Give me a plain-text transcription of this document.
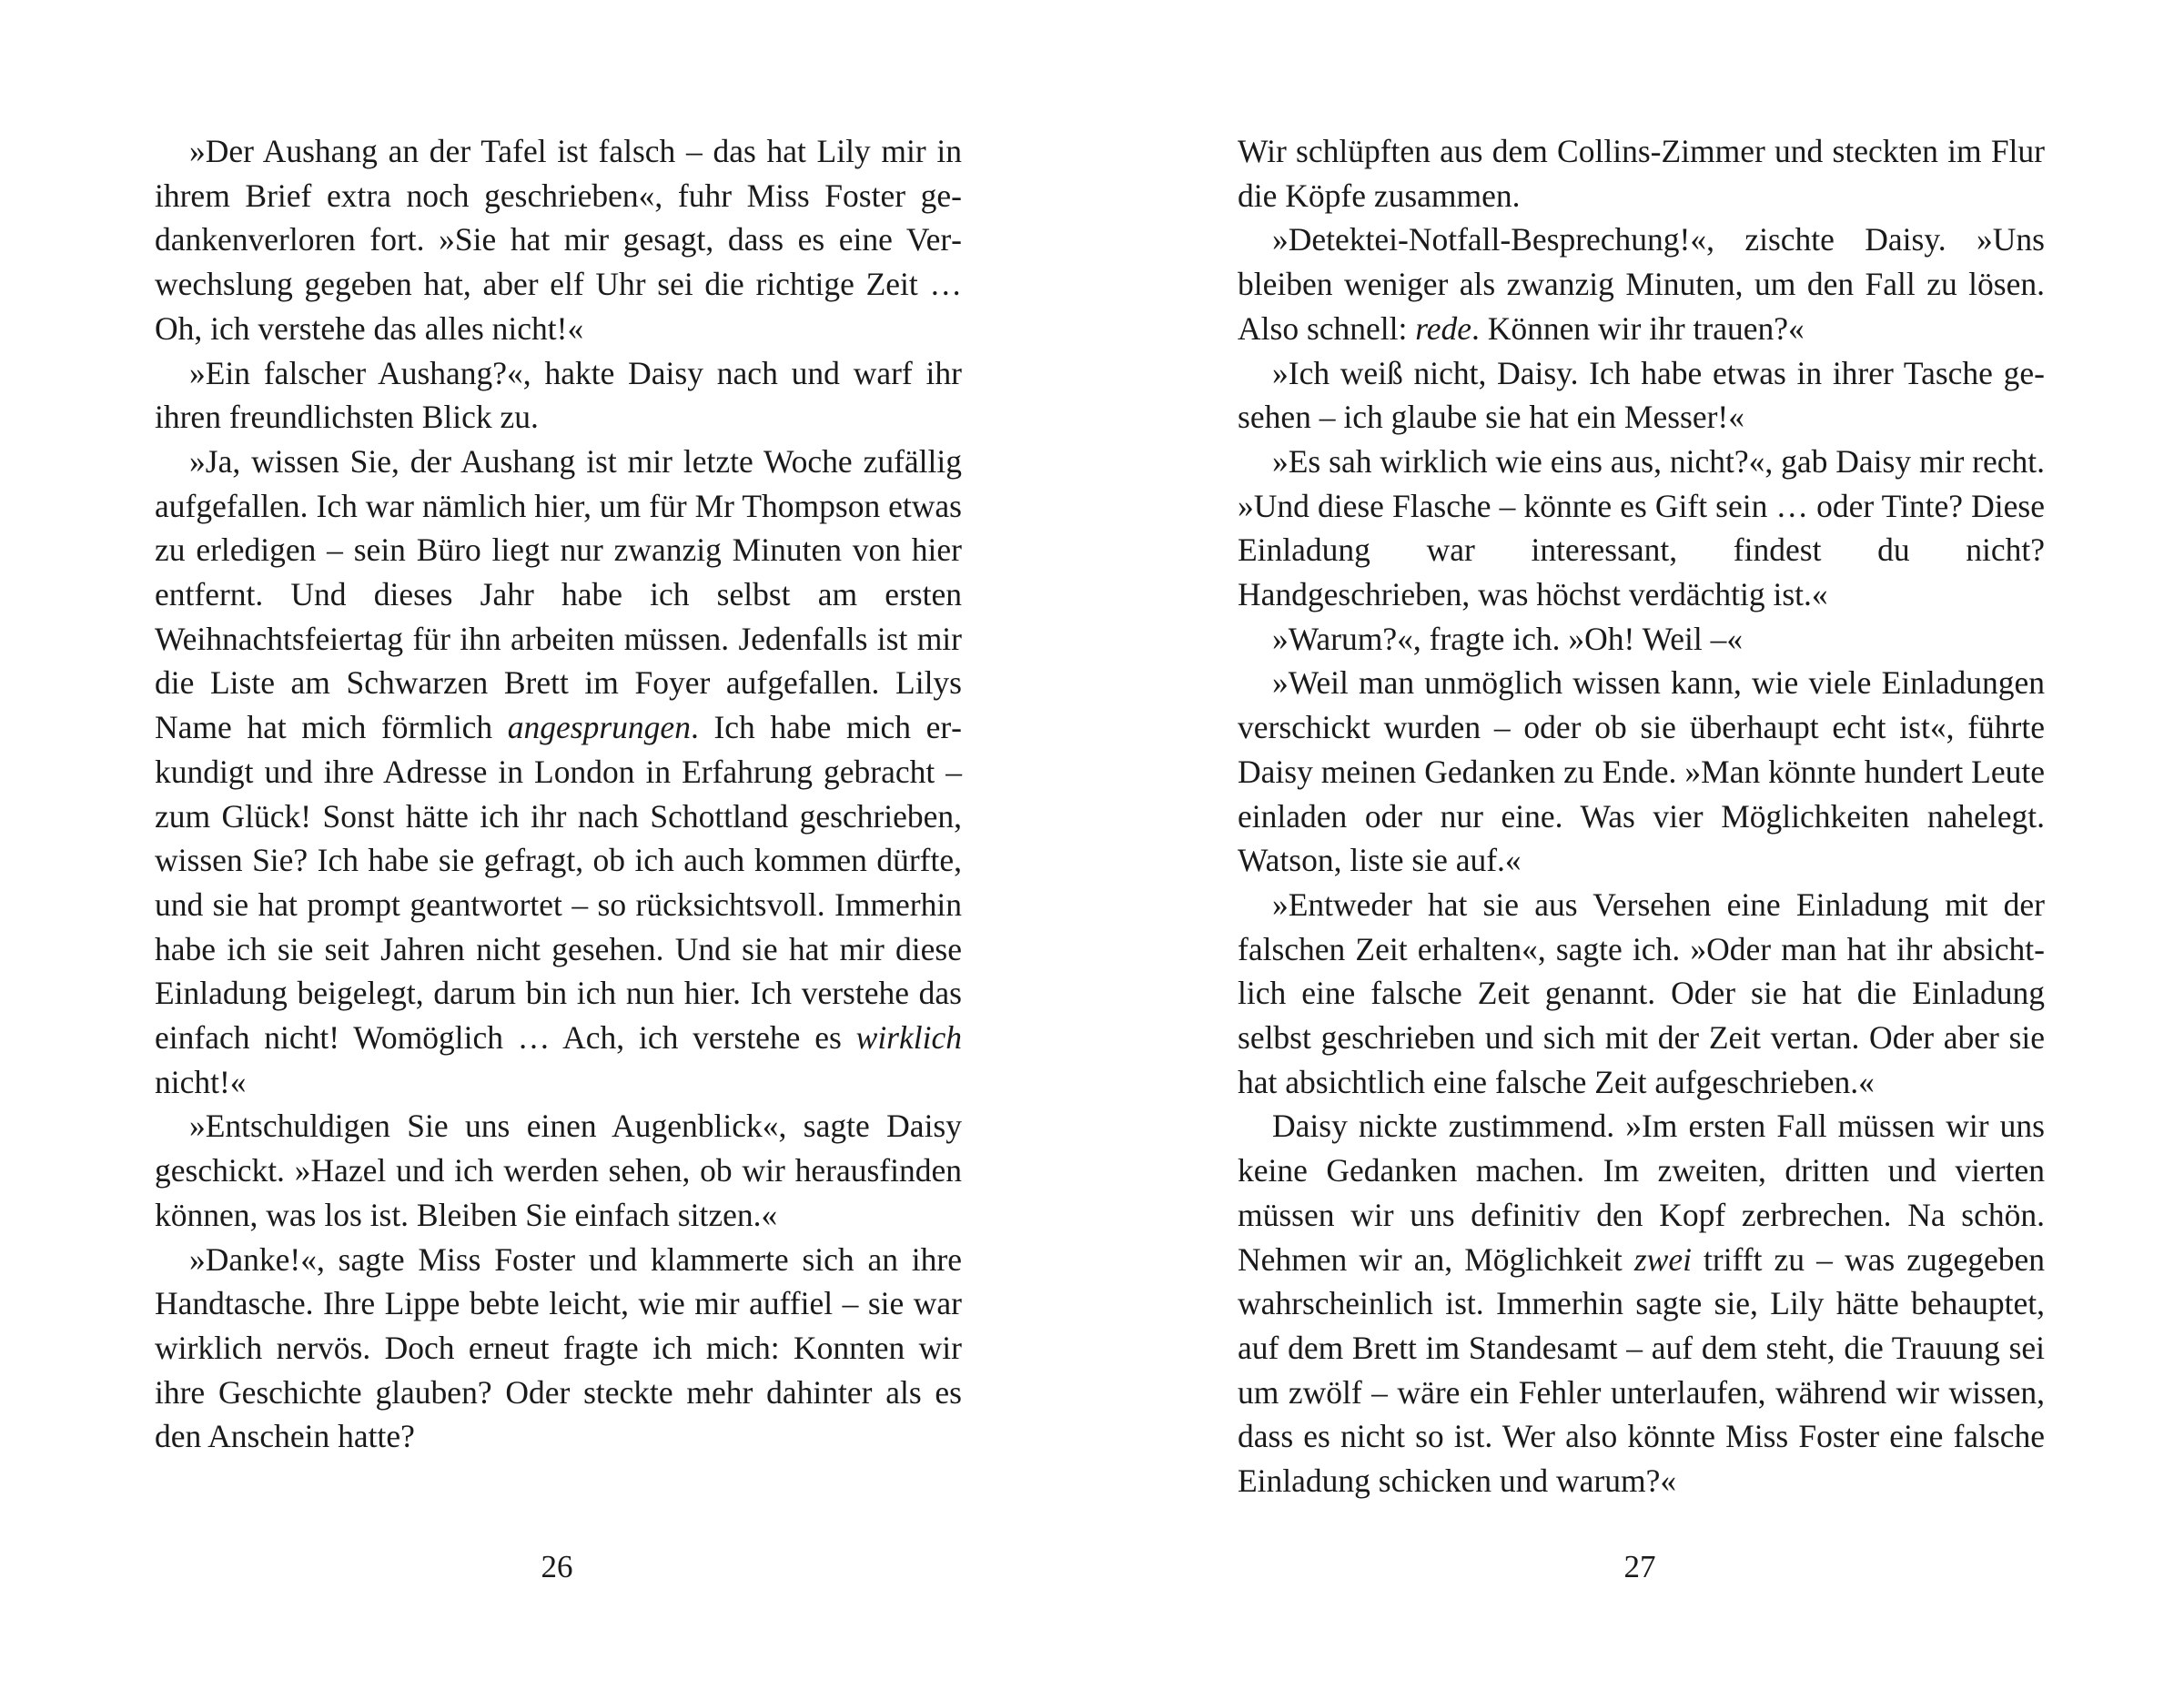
»Der Aushang an der Tafel ist falsch – das hat Lily mir in ihrem Brief extra noch geschrieben«, fuhr Miss Foster gedankenverloren fort. »Sie hat mir gesagt, dass es eine Verwechslung gegeben hat, aber elf Uhr sei die richtige Zeit … Oh, ich verstehe das alles nicht!«

»Ein falscher Aushang?«, hakte Daisy nach und warf ihr ihren freundlichsten Blick zu.

»Ja, wissen Sie, der Aushang ist mir letzte Woche zufällig aufgefallen. Ich war nämlich hier, um für Mr Thompson etwas zu erledigen – sein Büro liegt nur zwanzig Minuten von hier entfernt. Und dieses Jahr habe ich selbst am ersten Weihnachtsfeiertag für ihn arbeiten müssen. Jedenfalls ist mir die Liste am Schwarzen Brett im Foyer aufgefallen. Lilys Name hat mich förmlich angesprungen. Ich habe mich erkundigt und ihre Adresse in London in Erfahrung gebracht – zum Glück! Sonst hätte ich ihr nach Schottland geschrieben, wissen Sie? Ich habe sie gefragt, ob ich auch kommen dürfte, und sie hat prompt geantwortet – so rücksichtsvoll. Immerhin habe ich sie seit Jahren nicht gesehen. Und sie hat mir diese Einladung beigelegt, darum bin ich nun hier. Ich verstehe das einfach nicht! Womöglich … Ach, ich verstehe es wirklich nicht!«

»Entschuldigen Sie uns einen Augenblick«, sagte Daisy geschickt. »Hazel und ich werden sehen, ob wir herausfinden können, was los ist. Bleiben Sie einfach sitzen.«

»Danke!«, sagte Miss Foster und klammerte sich an ihre Handtasche. Ihre Lippe bebte leicht, wie mir auffiel – sie war wirklich nervös. Doch erneut fragte ich mich: Konnten wir ihre Geschichte glauben? Oder steckte mehr dahinter als es den Anschein hatte?

26

Wir schlüpften aus dem Collins-Zimmer und steckten im Flur die Köpfe zusammen.

»Detektei-Notfall-Besprechung!«, zischte Daisy. »Uns bleiben weniger als zwanzig Minuten, um den Fall zu lösen. Also schnell: rede. Können wir ihr trauen?«

»Ich weiß nicht, Daisy. Ich habe etwas in ihrer Tasche gesehen – ich glaube sie hat ein Messer!«

»Es sah wirklich wie eins aus, nicht?«, gab Daisy mir recht. »Und diese Flasche – könnte es Gift sein … oder Tinte? Diese Einladung war interessant, findest du nicht? Handgeschrieben, was höchst verdächtig ist.«

»Warum?«, fragte ich. »Oh! Weil –«

»Weil man unmöglich wissen kann, wie viele Einladungen verschickt wurden – oder ob sie überhaupt echt ist«, führte Daisy meinen Gedanken zu Ende. »Man könnte hundert Leute einladen oder nur eine. Was vier Möglichkeiten nahelegt. Watson, liste sie auf.«

»Entweder hat sie aus Versehen eine Einladung mit der falschen Zeit erhalten«, sagte ich. »Oder man hat ihr absichtlich eine falsche Zeit genannt. Oder sie hat die Einladung selbst geschrieben und sich mit der Zeit vertan. Oder aber sie hat absichtlich eine falsche Zeit aufgeschrieben.«

Daisy nickte zustimmend. »Im ersten Fall müssen wir uns keine Gedanken machen. Im zweiten, dritten und vierten müssen wir uns definitiv den Kopf zerbrechen. Na schön. Nehmen wir an, Möglichkeit zwei trifft zu – was zugegeben wahrscheinlich ist. Immerhin sagte sie, Lily hätte behauptet, auf dem Brett im Standesamt – auf dem steht, die Trauung sei um zwölf – wäre ein Fehler unterlaufen, während wir wissen, dass es nicht so ist. Wer also könnte Miss Foster eine falsche Einladung schicken und warum?«

27
